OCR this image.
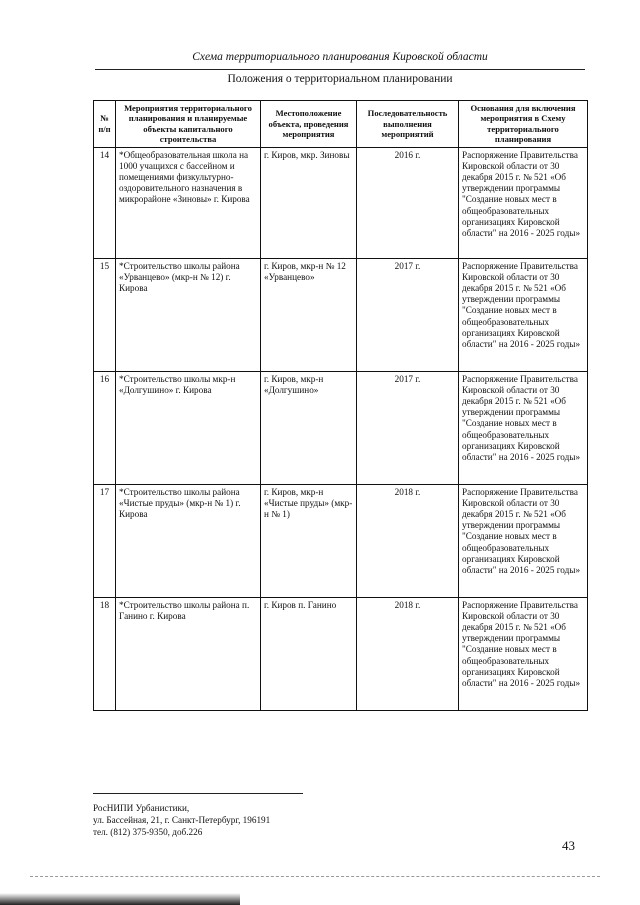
Схема территориального планирования Кировской области
Положения о территориальном планировании
№ п/п	Мероприятия территориального планирования и планируемые объекты капитального строительства	Местоположение объекта, проведения мероприятия	Последовательность выполнения мероприятий	Основания для включения мероприятия в Схему территориального планирования
14	*Общеобразовательная школа на 1000 учащихся с бассейном и помещениями физкультурно-оздоровительного назначения в микрорайоне «Зиновы» г. Кирова	г. Киров, мкр. Зиновы	2016 г.	Распоряжение Правительства Кировской области от 30 декабря 2015 г. № 521 «Об утверждении программы "Создание новых мест в общеобразовательных организациях Кировской области" на 2016 - 2025 годы»
15	*Строительство школы района «Урванцево» (мкр-н № 12) г. Кирова	г. Киров, мкр-н № 12 «Урванцево»	2017 г.	Распоряжение Правительства Кировской области от 30 декабря 2015 г. № 521 «Об утверждении программы "Создание новых мест в общеобразовательных организациях Кировской области" на 2016 - 2025 годы»
16	*Строительство школы мкр-н «Долгушино» г. Кирова	г. Киров, мкр-н «Долгушино»	2017 г.	Распоряжение Правительства Кировской области от 30 декабря 2015 г. № 521 «Об утверждении программы "Создание новых мест в общеобразовательных организациях Кировской области" на 2016 - 2025 годы»
17	*Строительство школы района «Чистые пруды» (мкр-н № 1) г. Кирова	г. Киров, мкр-н «Чистые пруды» (мкр-н № 1)	2018 г.	Распоряжение Правительства Кировской области от 30 декабря 2015 г. № 521 «Об утверждении программы "Создание новых мест в общеобразовательных организациях Кировской области" на 2016 - 2025 годы»
18	*Строительство школы района п. Ганино г. Кирова	г. Киров п. Ганино	2018 г.	Распоряжение Правительства Кировской области от 30 декабря 2015 г. № 521 «Об утверждении программы "Создание новых мест в общеобразовательных организациях Кировской области" на 2016 - 2025 годы»
РосНИПИ Урбанистики,
ул. Бассейная, 21, г. Санкт-Петербург, 196191
тел. (812) 375-9350, доб.226
43
